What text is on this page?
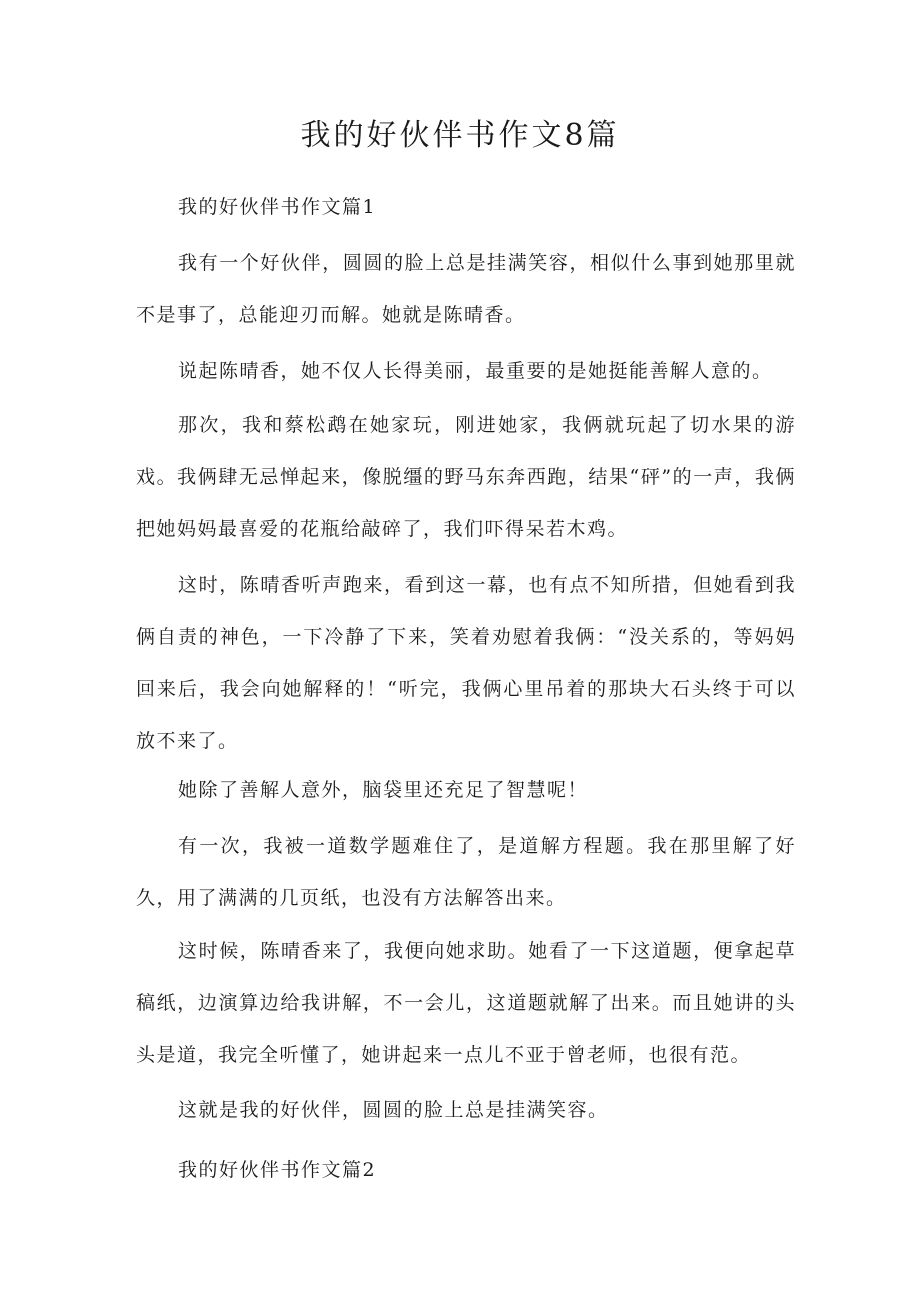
我的好伙伴书作文8篇
我的好伙伴书作文篇1

我有一个好伙伴，圆圆的脸上总是挂满笑容，相似什么事到她那里就不是事了，总能迎刃而解。她就是陈晴香。

说起陈晴香，她不仅人长得美丽，最重要的是她挺能善解人意的。

那次，我和蔡松鹉在她家玩，刚进她家，我俩就玩起了切水果的游戏。我俩肆无忌惮起来，像脱缰的野马东奔西跑，结果“砰”的一声，我俩把她妈妈最喜爱的花瓶给敲碎了，我们吓得呆若木鸡。

这时，陈晴香听声跑来，看到这一幕，也有点不知所措，但她看到我俩自责的神色，一下冷静了下来，笑着劝慰着我俩：“没关系的，等妈妈回来后，我会向她解释的！“听完，我俩心里吊着的那块大石头终于可以放不来了。

她除了善解人意外，脑袋里还充足了智慧呢！

有一次，我被一道数学题难住了，是道解方程题。我在那里解了好久，用了满满的几页纸，也没有方法解答出来。

这时候，陈晴香来了，我便向她求助。她看了一下这道题，便拿起草稿纸，边演算边给我讲解，不一会儿，这道题就解了出来。而且她讲的头头是道，我完全听懂了，她讲起来一点儿不亚于曾老师，也很有范。

这就是我的好伙伴，圆圆的脸上总是挂满笑容。

我的好伙伴书作文篇2
